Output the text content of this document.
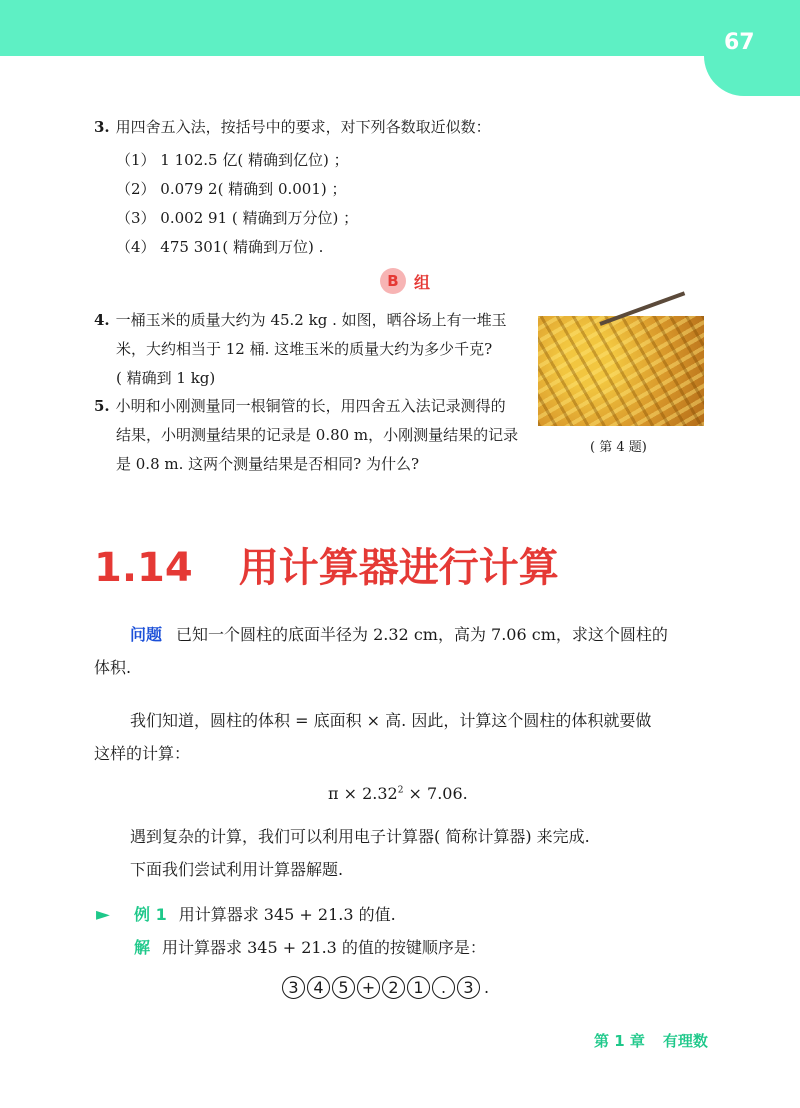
67
3. 用四舍五入法，按括号中的要求，对下列各数取近似数：
（1） 1 102.5 亿( 精确到亿位) ；
（2） 0.079 2( 精确到 0.001) ；
（3） 0.002 91 ( 精确到万分位) ；
（4） 475 301( 精确到万位) .
B 组
4. 一桶玉米的质量大约为 45.2 kg . 如图，晒谷场上有一堆玉
米，大约相当于 12 桶. 这堆玉米的质量大约为多少千克?
( 精确到 1 kg)
5. 小明和小刚测量同一根铜管的长，用四舍五入法记录测得的
结果，小明测量结果的记录是 0.80 m，小刚测量结果的记录
是 0.8 m. 这两个测量结果是否相同? 为什么?
( 第 4 题)
1.14 用计算器进行计算
问题 已知一个圆柱的底面半径为 2.32 cm，高为 7.06 cm，求这个圆柱的
体积.
我们知道，圆柱的体积 = 底面积 × 高. 因此，计算这个圆柱的体积就要做
这样的计算：
$\pi \times 2.32^2 \times 7.06$.
遇到复杂的计算，我们可以利用电子计算器( 简称计算器) 来完成.
下面我们尝试利用计算器解题.
► 例 1 用计算器求 345 + 21.3 的值.
解 用计算器求 345 + 21.3 的值的按键顺序是：
3 4 5 + 2 1	.	3 .
第 1 章 有理数
